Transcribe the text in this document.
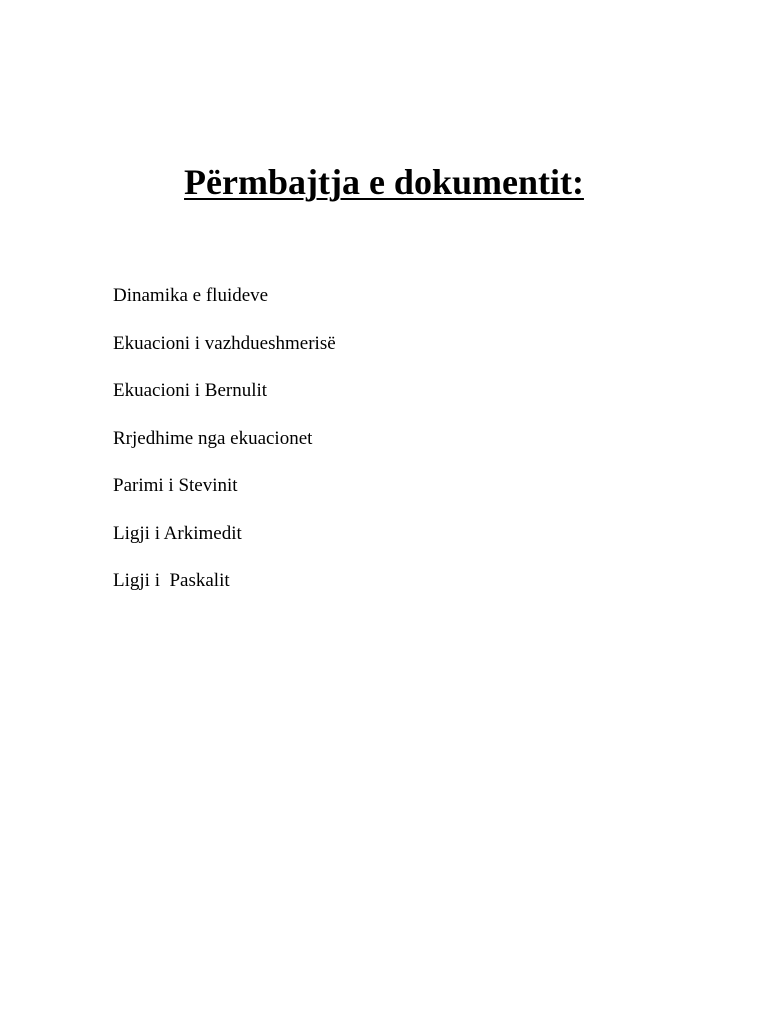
Përmbajtja e dokumentit:
Dinamika e fluideve
Ekuacioni i vazhdueshmerisë
Ekuacioni i Bernulit
Rrjedhime nga ekuacionet
Parimi i Stevinit
Ligji i Arkimedit
Ligji i  Paskalit
